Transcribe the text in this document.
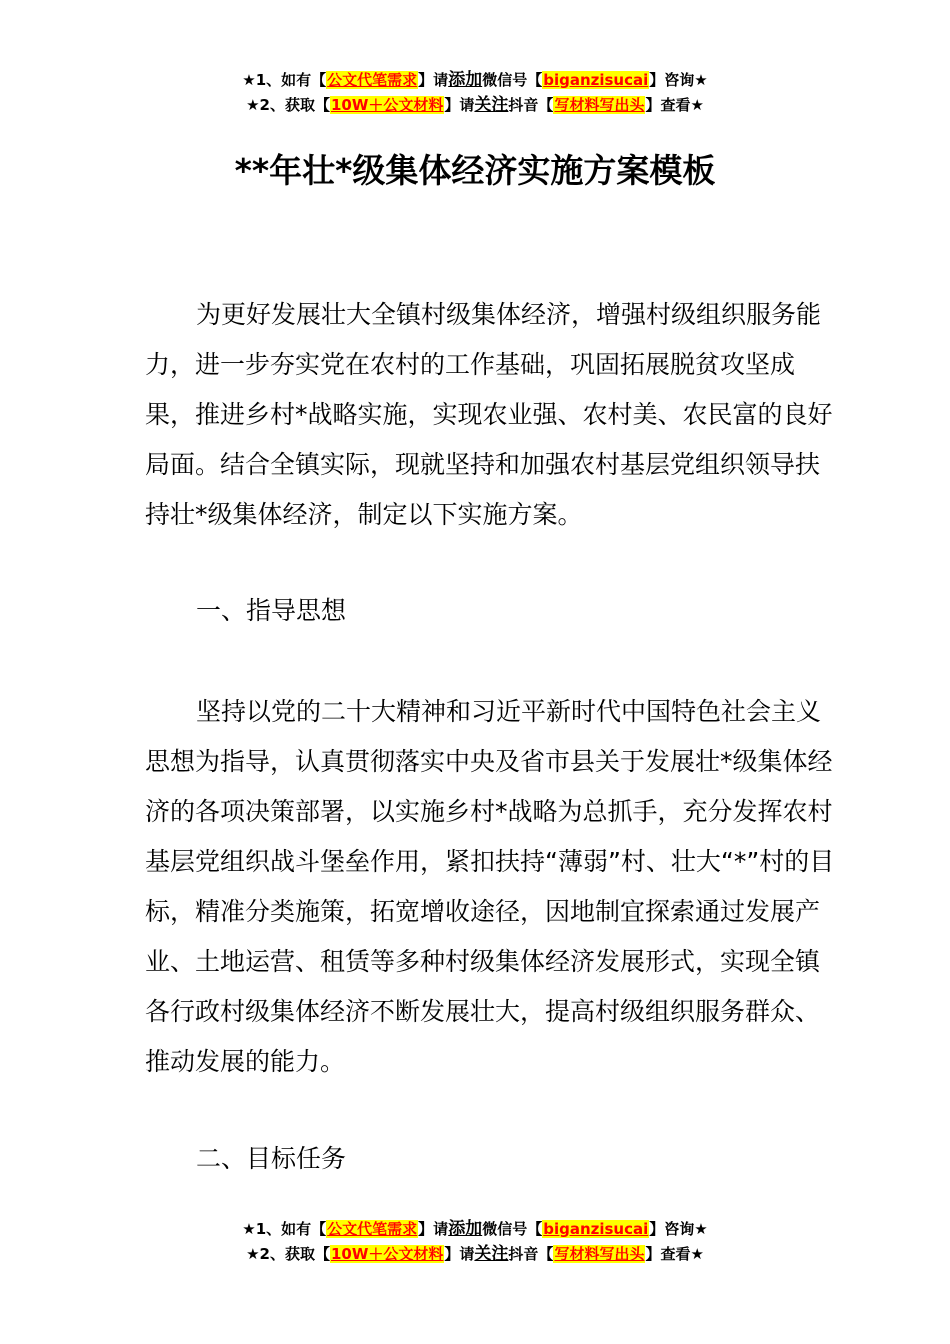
★1、如有【公文代笔需求】请添加微信号【biganzisucai】咨询★
★2、获取【10W＋公文材料】请关注抖音【写材料写出头】查看★
**年壮*级集体经济实施方案模板

为更好发展壮大全镇村级集体经济，增强村级组织服务能力，进一步夯实党在农村的工作基础，巩固拓展脱贫攻坚成果，推进乡村*战略实施，实现农业强、农村美、农民富的良好局面。结合全镇实际，现就坚持和加强农村基层党组织领导扶持壮*级集体经济，制定以下实施方案。

一、指导思想

坚持以党的二十大精神和习近平新时代中国特色社会主义思想为指导，认真贯彻落实中央及省市县关于发展壮*级集体经济的各项决策部署，以实施乡村*战略为总抓手，充分发挥农村基层党组织战斗堡垒作用，紧扣扶持“薄弱”村、壮大“*”村的目标，精准分类施策，拓宽增收途径，因地制宜探索通过发展产业、土地运营、租赁等多种村级集体经济发展形式，实现全镇各行政村级集体经济不断发展壮大，提高村级组织服务群众、推动发展的能力。

二、目标任务

★1、如有【公文代笔需求】请添加微信号【biganzisucai】咨询★
★2、获取【10W＋公文材料】请关注抖音【写材料写出头】查看★
